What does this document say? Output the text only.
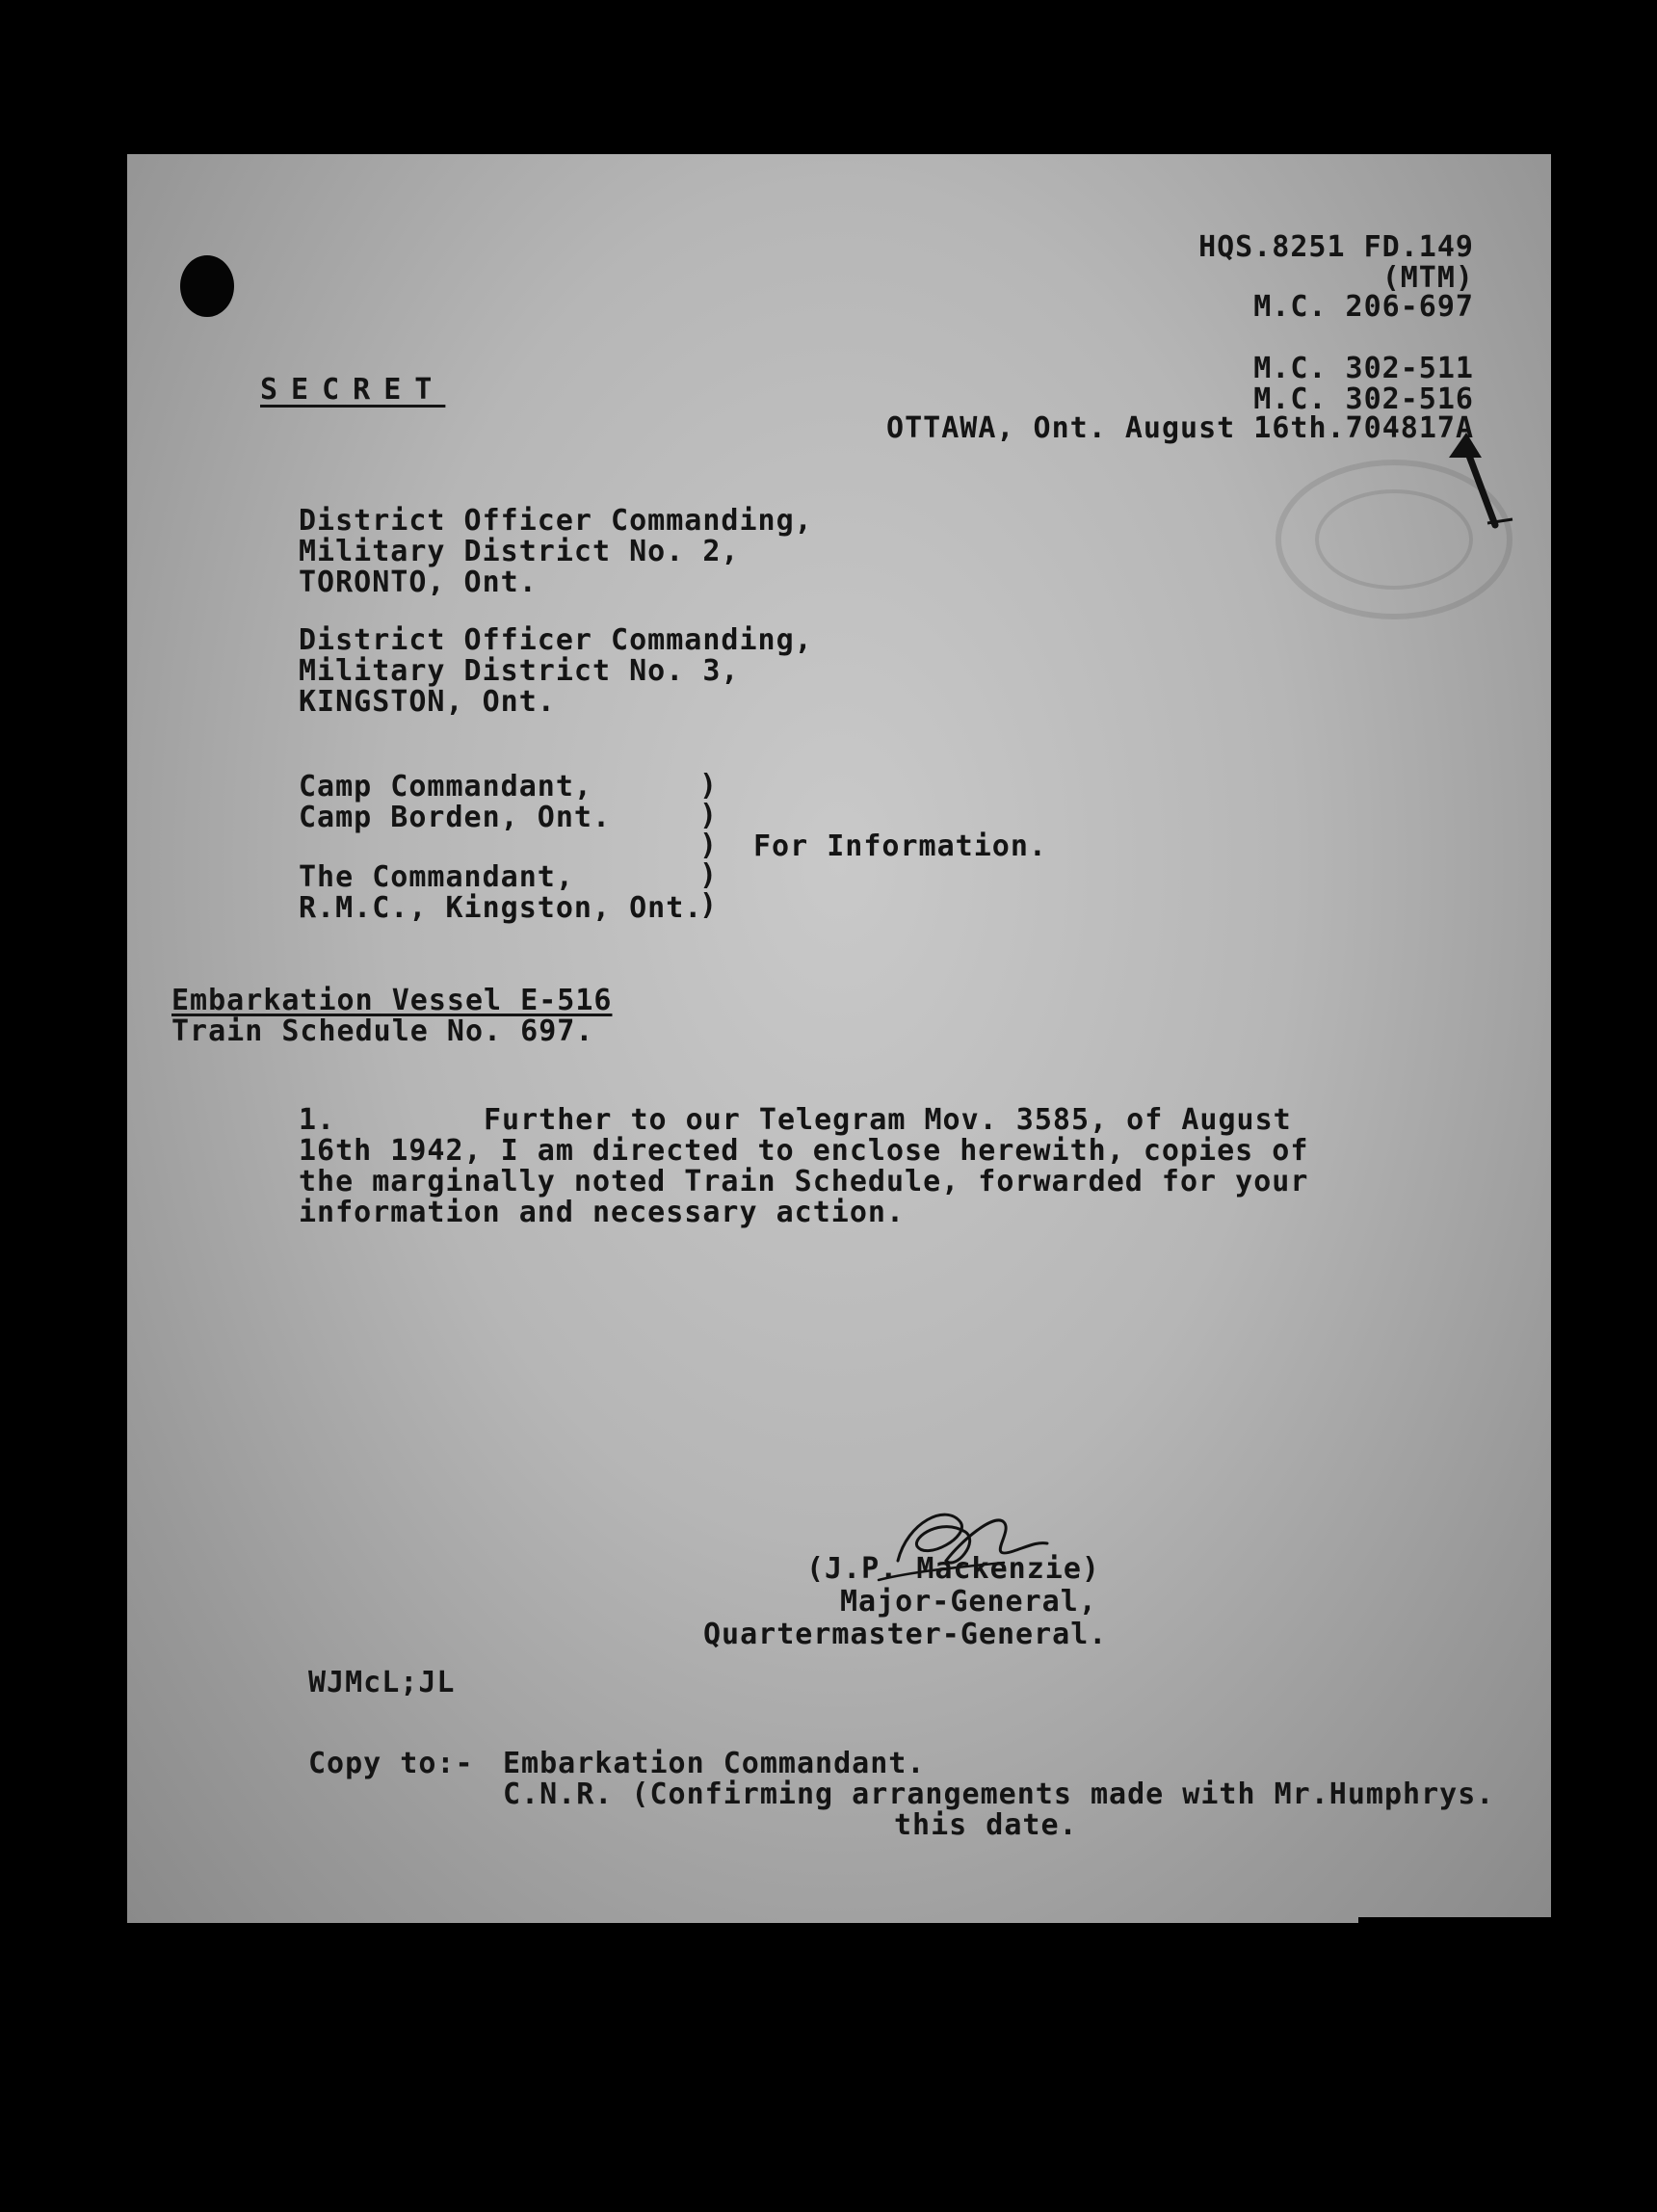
HQS.8251 FD.149
(MTM)
M.C. 206-697
M.C. 302-511
M.C. 302-516
OTTAWA, Ont. August 16th.704817A
SECRET
District Officer Commanding,
Military District No. 2,
TORONTO, Ont.
District Officer Commanding,
Military District No. 3,
KINGSTON, Ont.
Camp Commandant,
Camp Borden, Ont.
The Commandant,
R.M.C., Kingston, Ont.
)
)
)
)
)
For Information.
Embarkation Vessel E-516
Train Schedule No. 697.
1.	Further to our Telegram Mov. 3585, of August
16th 1942, I am directed to enclose herewith, copies of
the marginally noted Train Schedule, forwarded for your
information and necessary action.
(J.P. Mackenzie)
Major-General,
Quartermaster-General.
WJMcL;JL
Copy to:- Embarkation Commandant.
C.N.R. (Confirming arrangements made with Mr.Humphrys.
this date.
